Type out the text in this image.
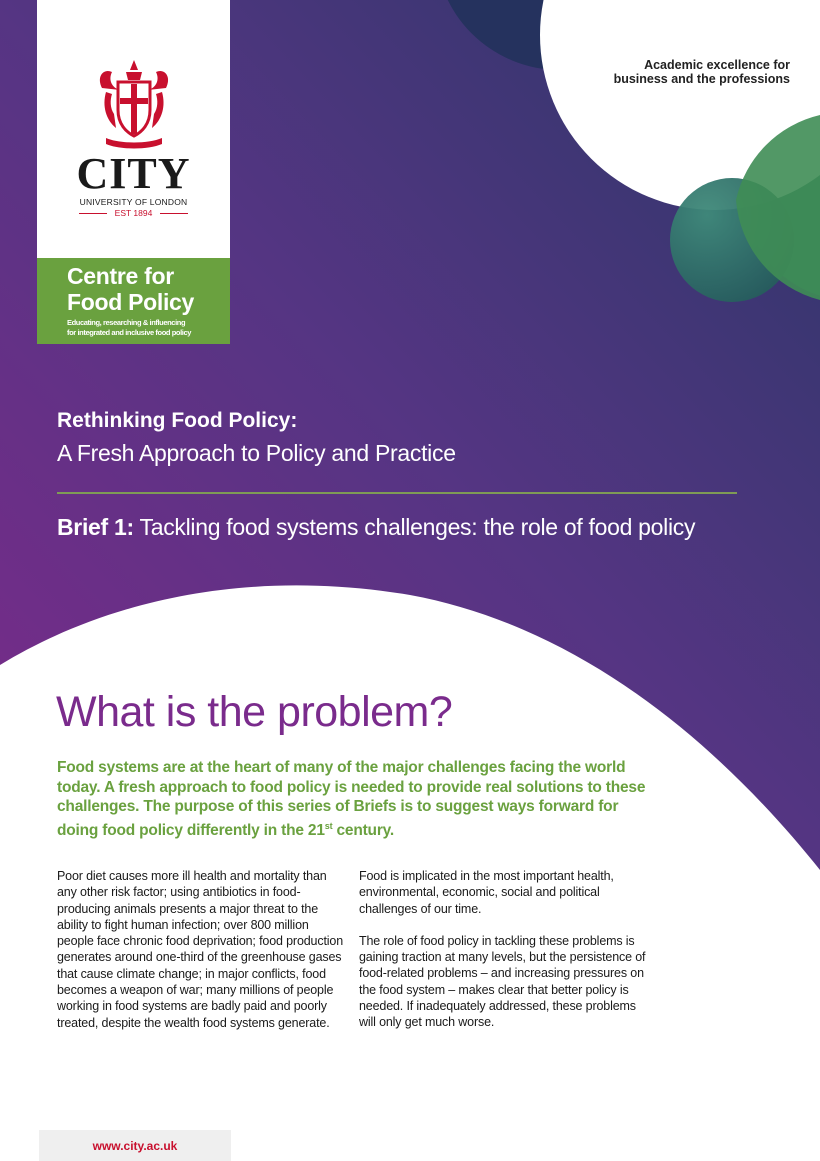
Academic excellence for
business and the professions
CITY
UNIVERSITY OF LONDON
EST 1894
Centre for
Food Policy
Educating, researching & influencing
for integrated and inclusive food policy
Rethinking Food Policy:
A Fresh Approach to Policy and Practice
Brief 1: Tackling food systems challenges: the role of food policy
What is the problem?
Food systems are at the heart of many of the major challenges facing the world today. A fresh approach to food policy is needed to provide real solutions to these challenges. The purpose of this series of Briefs is to suggest ways forward for doing food policy differently in the 21st century.

Poor diet causes more ill health and mortality than any other risk factor; using antibiotics in food-producing animals presents a major threat to the ability to fight human infection; over 800 million people face chronic food deprivation; food production generates around one-third of the greenhouse gases that cause climate change; in major conflicts, food becomes a weapon of war; many millions of people working in food systems are badly paid and poorly treated, despite the wealth food systems generate.

Food is implicated in the most important health, environmental, economic, social and political challenges of our time.

The role of food policy in tackling these problems is gaining traction at many levels, but the persistence of food-related problems – and increasing pressures on the food system – makes clear that better policy is needed. If inadequately addressed, these problems will only get much worse.

www.city.ac.uk
